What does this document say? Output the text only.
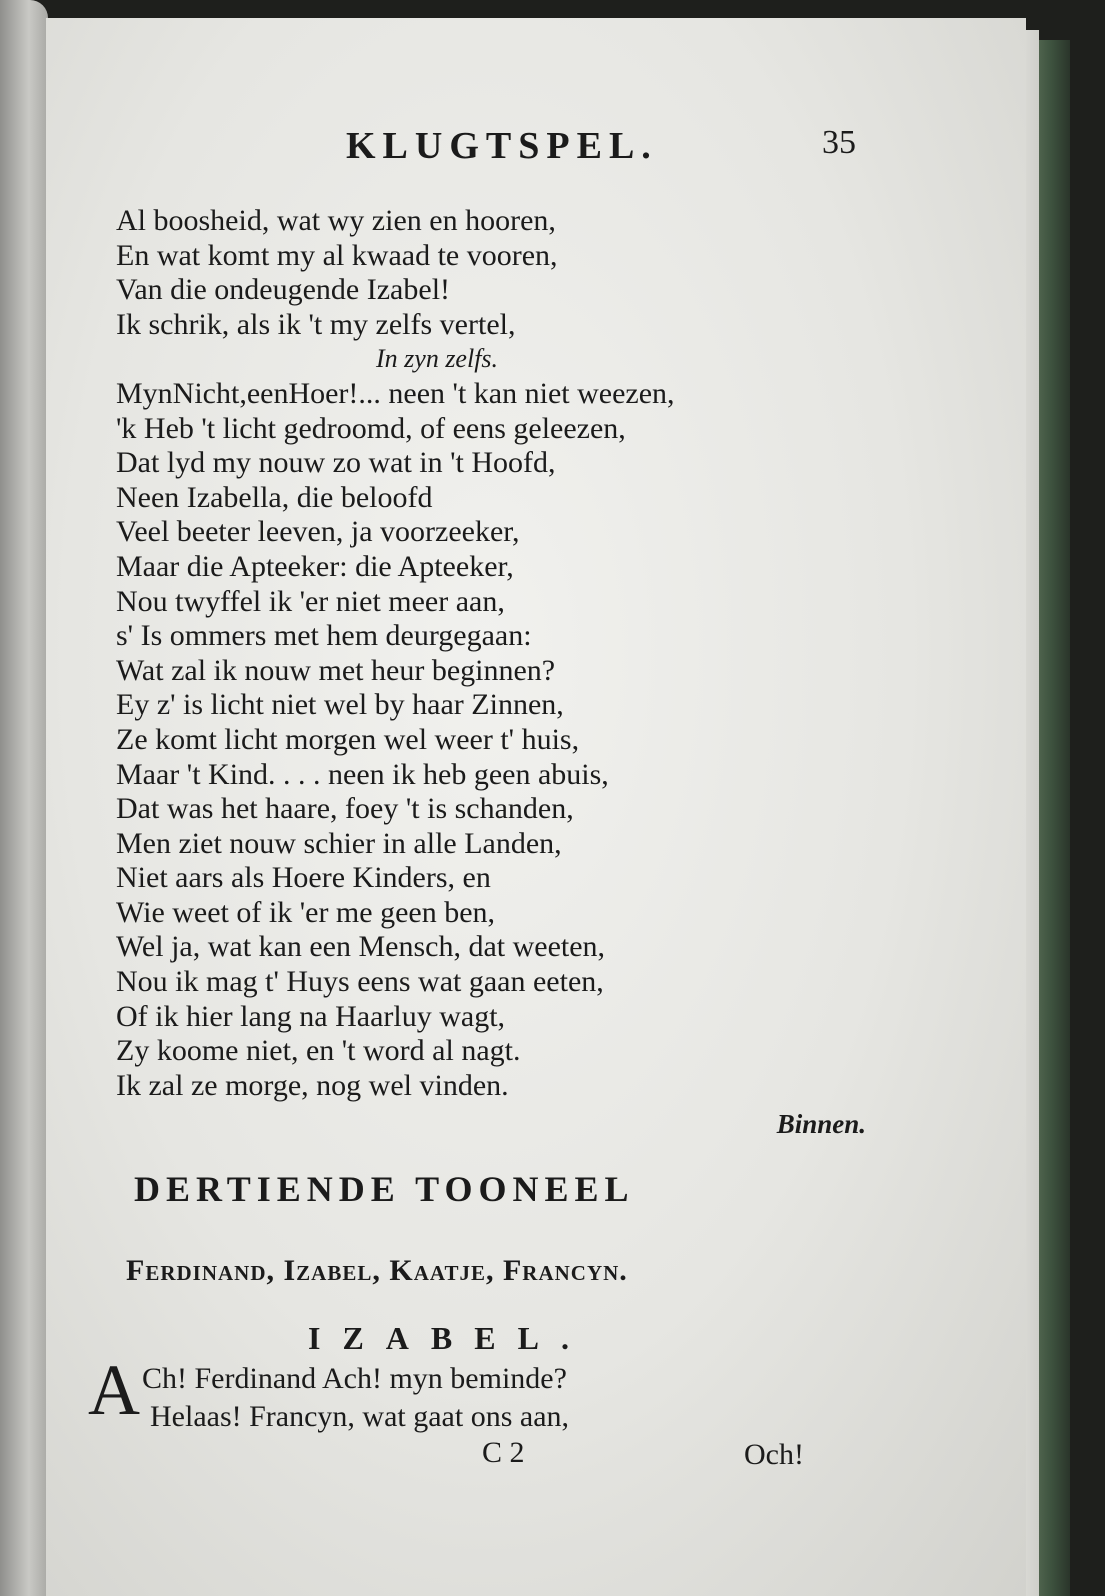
KLUGTSPEL.	35
Al boosheid, wat wy zien en hooren,
En wat komt my al kwaad te vooren,
Van die ondeugende Izabel!
Ik schrik, als ik 't my zelfs vertel,
In zyn zelfs.
MynNicht,eenHoer!... neen 't kan niet weezen,
'k Heb 't licht gedroomd, of eens geleezen,
Dat lyd my nouw zo wat in 't Hoofd,
Neen Izabella, die beloofd
Veel beeter leeven, ja voorzeeker,
Maar die Apteeker: die Apteeker,
Nou twyffel ik 'er niet meer aan,
s' Is ommers met hem deurgegaan:
Wat zal ik nouw met heur beginnen?
Ey z' is licht niet wel by haar Zinnen,
Ze komt licht morgen wel weer t' huis,
Maar 't Kind. . . . neen ik heb geen abuis,
Dat was het haare, foey 't is schanden,
Men ziet nouw schier in alle Landen,
Niet aars als Hoere Kinders, en
Wie weet of ik 'er me geen ben,
Wel ja, wat kan een Mensch, dat weeten,
Nou ik mag t' Huys eens wat gaan eeten,
Of ik hier lang na Haarluy wagt,
Zy koome niet, en 't word al nagt.
Ik zal ze morge, nog wel vinden.
Binnen.
DERTIENDE TOONEEL
Ferdinand, Izabel, Kaatje, Francyn.
IZABEL.
A Ch! Ferdinand Ach! myn beminde?
Helaas! Francyn, wat gaat ons aan,
C 2	Och!
